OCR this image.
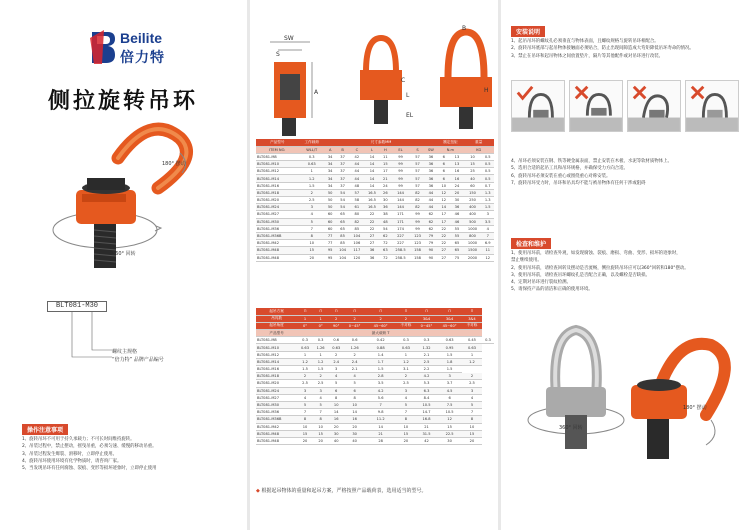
Beilite
倍力特
侧拉旋转吊环
180° 摆动
360° 回转
BLT081-M30
螺纹主规格
“倍力特” 品牌产品编号
操作注意事项
1、旋转吊环不可用于持久承载力；不可长时间维持旋转。
2、吊装过程中，禁止摆动，摇曳吊重，必须匀速、缓慢的移动吊重。
3、吊装过程发生爆裂、滑移时，立即停止使用。
4、旋转吊环使用环境有化学物质时，请咨询厂家。
5、当发现吊环有任何腐蚀、裂痕、变形等损坏迹象时，立即停止使用
SW
S
A
C
L
EL
B
H
产品型号	工作载荷	尺寸参数MM								额定扭矩		重量	
ITEM NO.	WLL/T	A	B	C	L	H	EL	S	SW	N.m		KG	
BLT081-M8	0.3	34	37	42	14	11	99	57	36	6	13	10	0.5
BLT081-M10	0.63	34	37	44	14	15	99	57	36	6	13	15	0.5
BLT081-M12	1	34	37	44	14	17	99	57	36	6	16	25	0.5
BLT081-M14	1.2	34	37	44	14	21	99	57	36	6	16	40	0.5
BLT081-M16	1.5	34	37	48	14	24	99	57	36	10	24	60	0.7
BLT081-M18	2	50	54	57	16.5	26	144	82	44	12	20	150	1.3
BLT081-M20	2.5	50	54	58	16.5	30	144	82	44	12	30	250	1.3
BLT081-M24	3	50	54	61	16.5	36	144	82	44	14	36	400	1.5
BLT081-M27	4	60	65	80	22	38	171	99	62	17	46	400	3
BLT081-M30	5	60	65	82	22	48	171	99	62	17	46	500	3.5
BLT081-M36	7	60	65	85	22	54	174	99	62	22	55	1000	4
BLT081-M36B	8	77	85	104	27	62	227	123	79	22	55	800	7
BLT081-M42	10	77	85	106	27	72	227	123	79	22	65	1000	6.9
BLT081-M48	15	95	104	117	36	63	258.5	158	90	27	65	1500	11
BLT081-M48	20	95	104	120	36	72	258.5	158	90	27	75	2000	12
起吊方案	⊓	⊓	⊓	⊓	⊓	⊓	⊓	⊓	⊓	
吊具数	1	1	2	2	2	2	3&4	3&4	3&4	
起吊角度	0°	0°	90°	0~45°	45~60°	不对称	0~45°	45~60°	不对称	
产品型号					最大载荷 T					
BLT081-M8	0.3	0.3	0.6	0.6	0.42	0.3	0.3	0.63	0.45	0.3
BLT081-M10	0.63	1.26	0.63	1.26	0.88	0.63	1.32	0.95	0.63	
BLT081-M12	1	1	2	2	1.4	1	2.1	1.5	1	
BLT081-M14	1.2	1.2	2.4	2.4	1.7	1.2	2.5	1.8	1.2	
BLT081-M16	1.5	1.5	3	2.1	1.5	3.1	2.2	1.5		
BLT081-M18	2	2	4	4	2.8	2	4.2	3	2	
BLT081-M20	2.5	2.5	5	5	3.5	2.5	5.3	3.7	2.5	
BLT081-M24	3	3	6	6	4.2	3	6.3	4.5	3	
BLT081-M27	4	4	8	8	5.6	4	8.4	6	4	
BLT081-M30	5	5	10	10	7	5	10.5	7.5	5	
BLT081-M36	7	7	14	14	9.8	7	14.7	10.5	7	
BLT081-M36B	8	8	16	16	11.2	8	16.8	12	8	
BLT081-M42	10	10	20	20	14	10	21	15	10	
BLT081-M48	15	15	30	30	21	15	31.5	22.5	15	
BLT081-M48	20	20	40	40	28	20	42	30	20	
◆ 根据起吊物体的重量和起吊方案，严格按照产品载荷表，选用适当的型号。
安装说明
1、起吊吊环的螺纹孔必须垂直与物体表面，且螺纹规格与旋转吊环相配合。
2、旋转吊环底部与起吊物体接触面必须贴合，防止出现间隙造成大弯矩降低吊环寿命的情况。
3、禁止在吊环和起吊物体之间放置垫片，隔片等其他配件或对吊环进行改装。
4、吊环必须安装在钢、铁等硬金属表面，禁止安装在木板、水泥等软材质物体上。
5、选用合适的起吊工具和吊环规格，并确保受力方向合适。
6、旋转吊环必须安装在重心或围绕重心对称安装。
7、旋转吊环受力时，吊环和吊具均不能与被吊物体有任何干涉或阻碍
检查和维护
1、使用吊环前，请检查外观，如发现腐蚀、裂痕、磨损、弯曲、变形、损坏的迹象时，
禁止继续使用。
2、使用吊环前，请检查回转及摆动是否流畅，侧拉旋转吊环应可以360°回转和180°摆动。
3、使用吊环前，请检查吊环螺纹孔是否配合正确，以及螺栓是否缺损。
4、定期对吊环进行裂纹检测。
5、请保持产品的清洁和正确的使用环境。
180° 摆动
360° 回转
